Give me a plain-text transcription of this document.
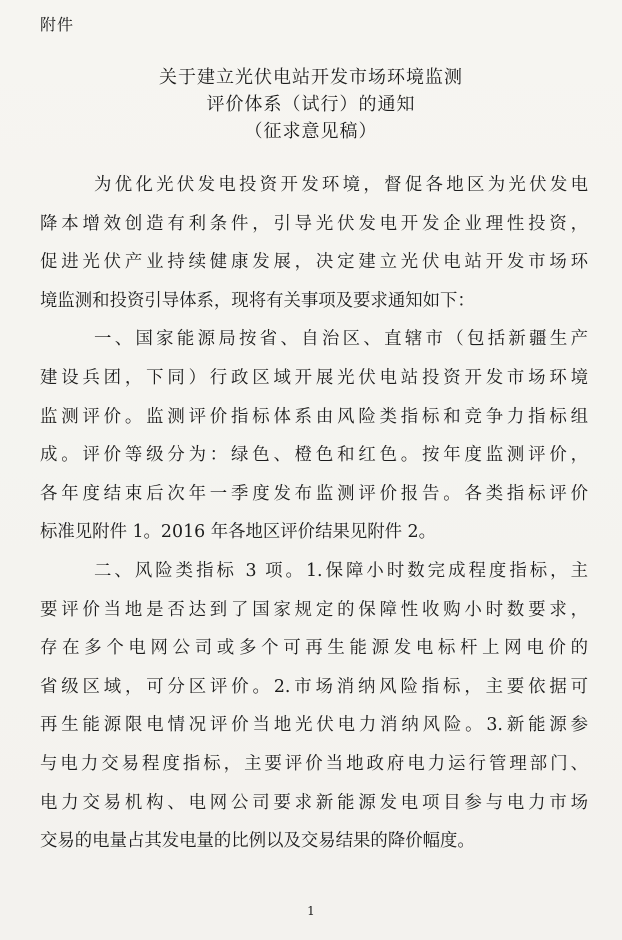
附件
关于建立光伏电站开发市场环境监测
评价体系（试行）的通知
（征求意见稿）
为优化光伏发电投资开发环境，督促各地区为光伏发电
降本增效创造有利条件，引导光伏发电开发企业理性投资，
促进光伏产业持续健康发展，决定建立光伏电站开发市场环
境监测和投资引导体系，现将有关事项及要求通知如下：
一、国家能源局按省、自治区、直辖市（包括新疆生产
建设兵团，下同）行政区域开展光伏电站投资开发市场环境
监测评价。监测评价指标体系由风险类指标和竞争力指标组
成。评价等级分为：绿色、橙色和红色。按年度监测评价，
各年度结束后次年一季度发布监测评价报告。各类指标评价
标准见附件 1。2016 年各地区评价结果见附件 2。
二、风险类指标 3 项。1.保障小时数完成程度指标，主
要评价当地是否达到了国家规定的保障性收购小时数要求，
存在多个电网公司或多个可再生能源发电标杆上网电价的
省级区域，可分区评价。2.市场消纳风险指标，主要依据可
再生能源限电情况评价当地光伏电力消纳风险。3.新能源参
与电力交易程度指标，主要评价当地政府电力运行管理部门、
电力交易机构、电网公司要求新能源发电项目参与电力市场
交易的电量占其发电量的比例以及交易结果的降价幅度。
1
